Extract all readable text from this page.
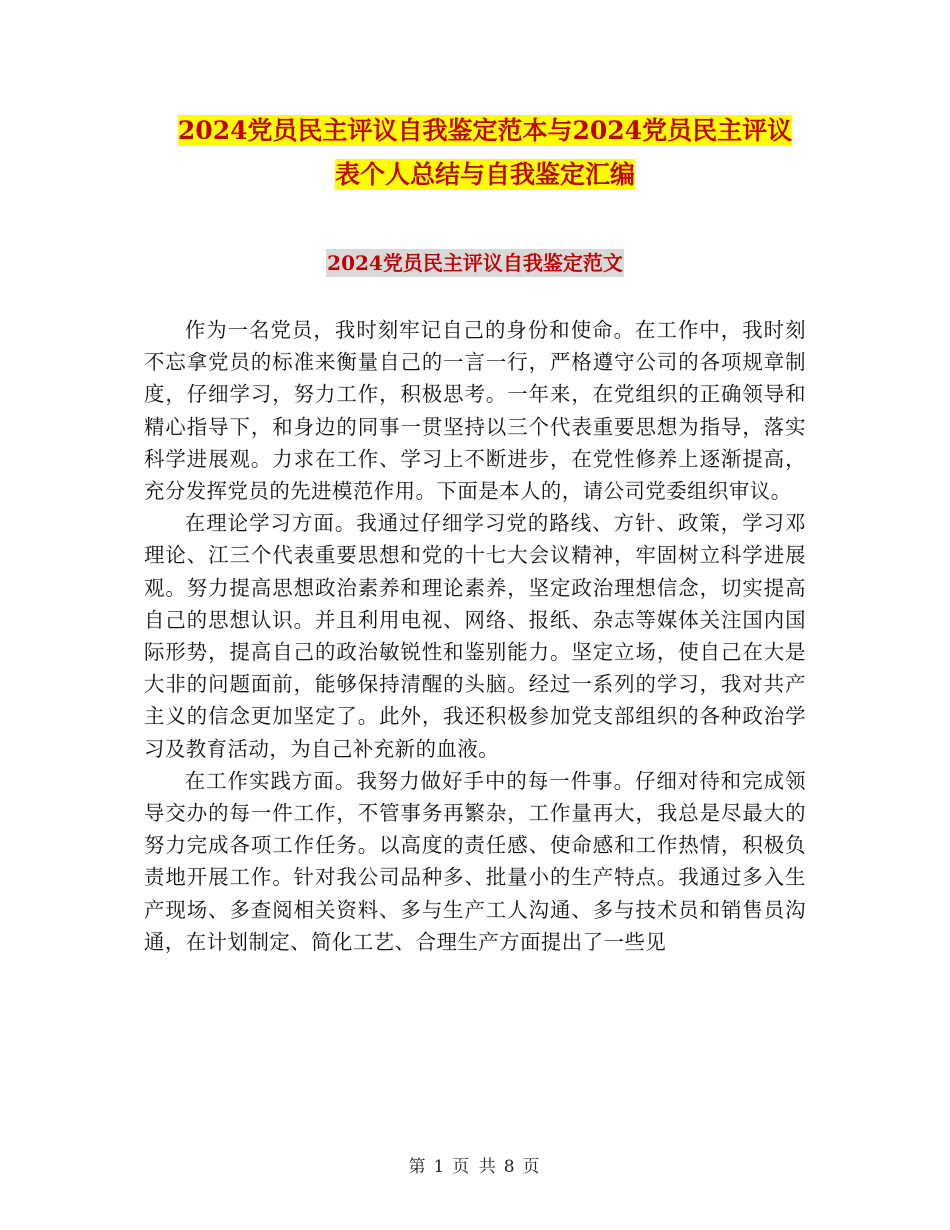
2024党员民主评议自我鉴定范本与2024党员民主评议
表个人总结与自我鉴定汇编
2024党员民主评议自我鉴定范文

作为一名党员，我时刻牢记自己的身份和使命。在工作中，我时刻不忘拿党员的标准来衡量自己的一言一行，严格遵守公司的各项规章制度，仔细学习，努力工作，积极思考。一年来，在党组织的正确领导和精心指导下，和身边的同事一贯坚持以三个代表重要思想为指导，落实科学进展观。力求在工作、学习上不断进步，在党性修养上逐渐提高，充分发挥党员的先进模范作用。下面是本人的，请公司党委组织审议。

在理论学习方面。我通过仔细学习党的路线、方针、政策，学习邓理论、江三个代表重要思想和党的十七大会议精神，牢固树立科学进展观。努力提高思想政治素养和理论素养，坚定政治理想信念，切实提高自己的思想认识。并且利用电视、网络、报纸、杂志等媒体关注国内国际形势，提高自己的政治敏锐性和鉴别能力。坚定立场，使自己在大是大非的问题面前，能够保持清醒的头脑。经过一系列的学习，我对共产主义的信念更加坚定了。此外，我还积极参加党支部组织的各种政治学习及教育活动，为自己补充新的血液。

在工作实践方面。我努力做好手中的每一件事。仔细对待和完成领导交办的每一件工作，不管事务再繁杂，工作量再大，我总是尽最大的努力完成各项工作任务。以高度的责任感、使命感和工作热情，积极负责地开展工作。针对我公司品种多、批量小的生产特点。我通过多入生产现场、多查阅相关资料、多与生产工人沟通、多与技术员和销售员沟通，在计划制定、简化工艺、合理生产方面提出了一些见

第 1 页 共 8 页
